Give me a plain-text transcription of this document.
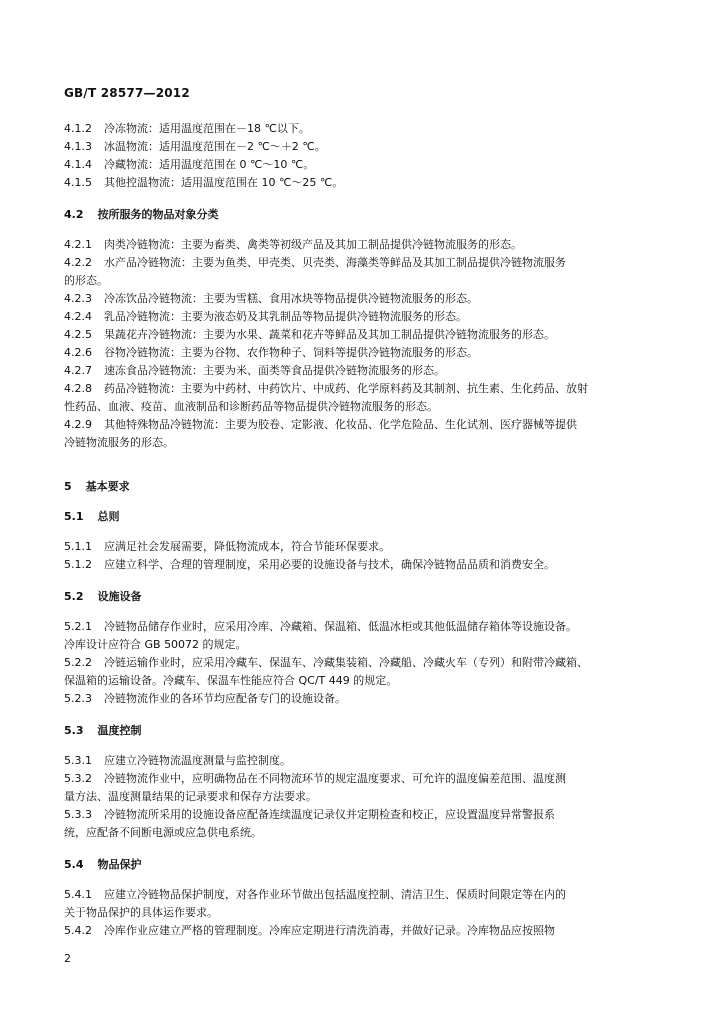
GB/T 28577—2012
4.1.2 冷冻物流：适用温度范围在－18 ℃以下。
4.1.3 冰温物流：适用温度范围在－2 ℃～＋2 ℃。
4.1.4 冷藏物流：适用温度范围在 0 ℃～10 ℃。
4.1.5 其他控温物流：适用温度范围在 10 ℃～25 ℃。
4.2 按所服务的物品对象分类
4.2.1 肉类冷链物流：主要为畜类、禽类等初级产品及其加工制品提供冷链物流服务的形态。
4.2.2 水产品冷链物流：主要为鱼类、甲壳类、贝壳类、海藻类等鲜品及其加工制品提供冷链物流服务
的形态。
4.2.3 冷冻饮品冷链物流：主要为雪糕、食用冰块等物品提供冷链物流服务的形态。
4.2.4 乳品冷链物流：主要为液态奶及其乳制品等物品提供冷链物流服务的形态。
4.2.5 果蔬花卉冷链物流：主要为水果、蔬菜和花卉等鲜品及其加工制品提供冷链物流服务的形态。
4.2.6 谷物冷链物流：主要为谷物、农作物种子、饲料等提供冷链物流服务的形态。
4.2.7 速冻食品冷链物流：主要为米、面类等食品提供冷链物流服务的形态。
4.2.8 药品冷链物流：主要为中药材、中药饮片、中成药、化学原料药及其制剂、抗生素、生化药品、放射
性药品、血液、疫苗、血液制品和诊断药品等物品提供冷链物流服务的形态。
4.2.9 其他特殊物品冷链物流：主要为胶卷、定影液、化妆品、化学危险品、生化试剂、医疗器械等提供
冷链物流服务的形态。
5 基本要求
5.1 总则
5.1.1 应满足社会发展需要，降低物流成本，符合节能环保要求。
5.1.2 应建立科学、合理的管理制度，采用必要的设施设备与技术，确保冷链物品品质和消费安全。
5.2 设施设备
5.2.1 冷链物品储存作业时，应采用冷库、冷藏箱、保温箱、低温冰柜或其他低温储存箱体等设施设备。
冷库设计应符合 GB 50072 的规定。
5.2.2 冷链运输作业时，应采用冷藏车、保温车、冷藏集装箱、冷藏船、冷藏火车（专列）和附带冷藏箱、
保温箱的运输设备。冷藏车、保温车性能应符合 QC/T 449 的规定。
5.2.3 冷链物流作业的各环节均应配备专门的设施设备。
5.3 温度控制
5.3.1 应建立冷链物流温度测量与监控制度。
5.3.2 冷链物流作业中，应明确物品在不同物流环节的规定温度要求、可允许的温度偏差范围、温度测
量方法、温度测量结果的记录要求和保存方法要求。
5.3.3 冷链物流所采用的设施设备应配备连续温度记录仪并定期检查和校正，应设置温度异常警报系
统，应配备不间断电源或应急供电系统。
5.4 物品保护
5.4.1 应建立冷链物品保护制度，对各作业环节做出包括温度控制、清洁卫生、保质时间限定等在内的
关于物品保护的具体运作要求。
5.4.2 冷库作业应建立严格的管理制度。冷库应定期进行清洗消毒，并做好记录。冷库物品应按照物
2
